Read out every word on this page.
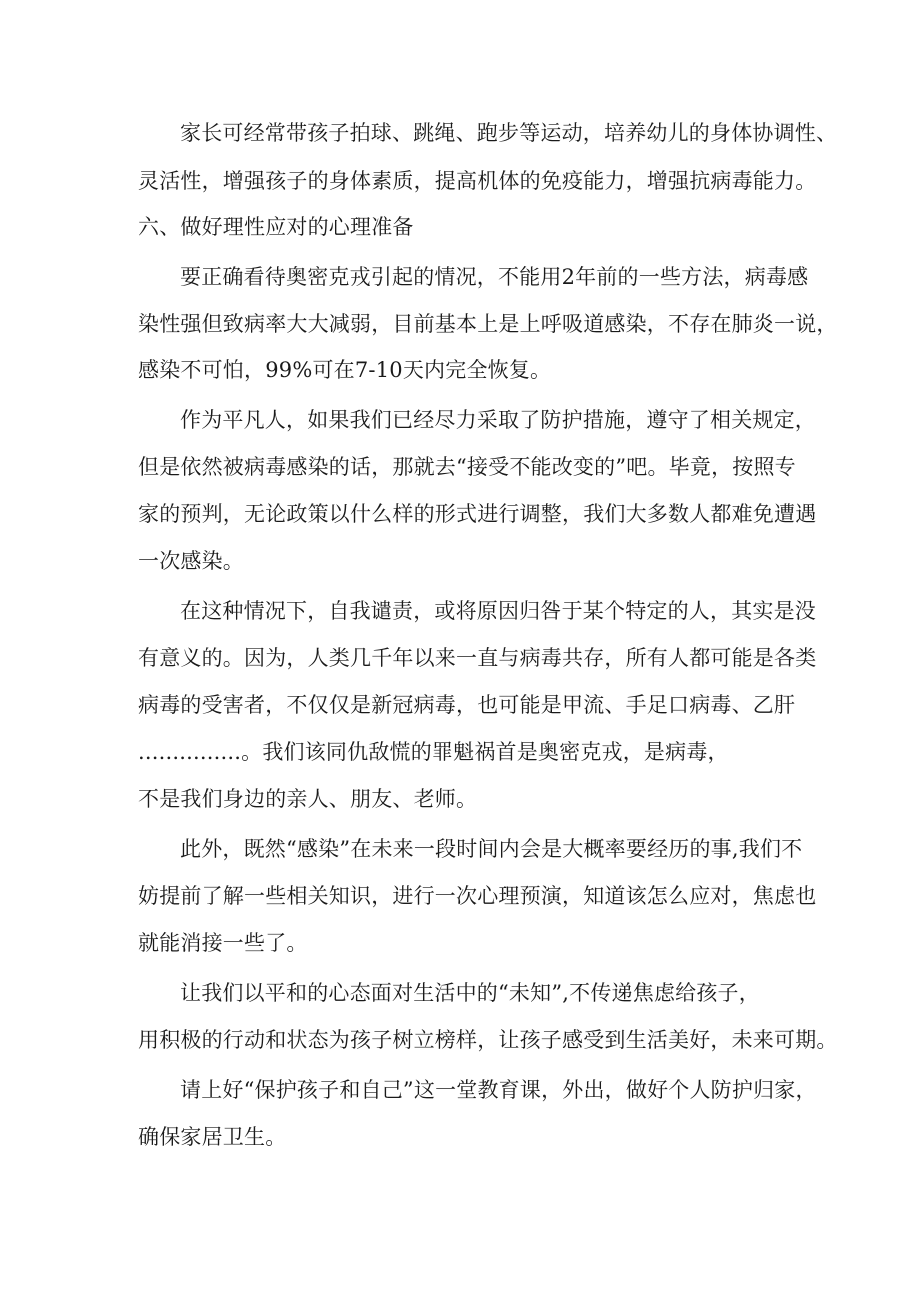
家长可经常带孩子拍球、跳绳、跑步等运动，培养幼儿的身体协调性、
灵活性，增强孩子的身体素质，提高机体的免疫能力，增强抗病毒能力。
六、做好理性应对的心理准备
要正确看待奥密克戎引起的情况，不能用2年前的一些方法，病毒感
染性强但致病率大大减弱，目前基本上是上呼吸道感染，不存在肺炎一说，
感染不可怕，99%可在7-10天内完全恢复。
作为平凡人，如果我们已经尽力采取了防护措施，遵守了相关规定，
但是依然被病毒感染的话，那就去“接受不能改变的”吧。毕竟，按照专
家的预判，无论政策以什么样的形式进行调整，我们大多数人都难免遭遇
一次感染。
在这种情况下，自我谴责，或将原因归咎于某个特定的人，其实是没
有意义的。因为，人类几千年以来一直与病毒共存，所有人都可能是各类
病毒的受害者，不仅仅是新冠病毒，也可能是甲流、手足口病毒、乙肝
...............。我们该同仇敌慌的罪魁祸首是奥密克戎，是病毒，
不是我们身边的亲人、朋友、老师。
此外，既然“感染”在未来一段时间内会是大概率要经历的事,我们不
妨提前了解一些相关知识，进行一次心理预演，知道该怎么应对，焦虑也
就能消接一些了。
让我们以平和的心态面对生活中的“未知”,不传递焦虑给孩子，
用积极的行动和状态为孩子树立榜样，让孩子感受到生活美好，未来可期。
请上好“保护孩子和自己”这一堂教育课，外出，做好个人防护归家，
确保家居卫生。
